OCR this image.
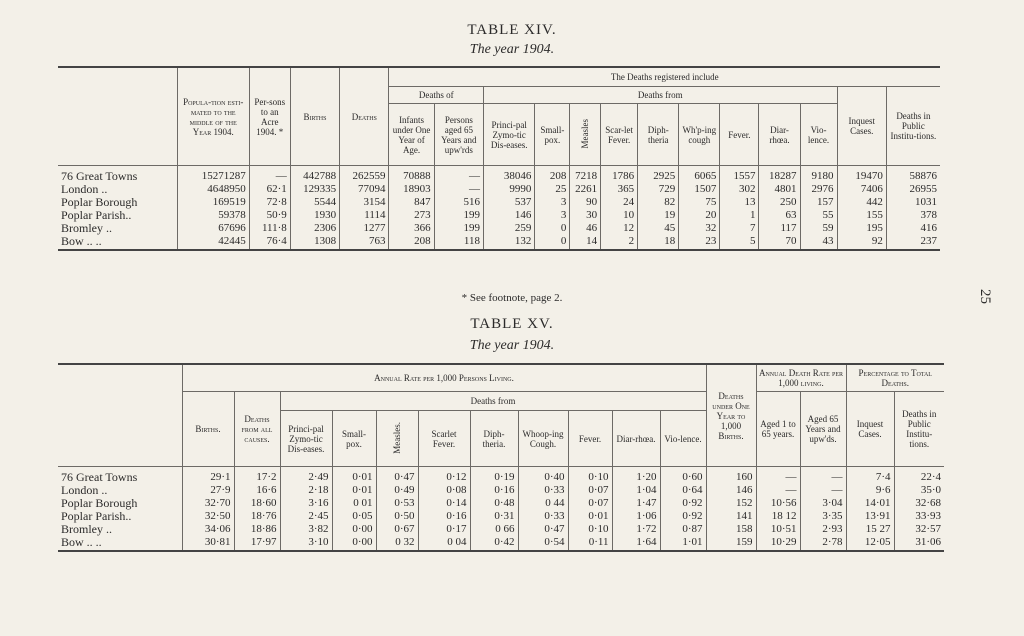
TABLE XIV.
The year 1904.
	Popula-tion esti-mated to the middle of the Year 1904.	Per-sons to an Acre 1904. *	Births	Deaths	The Deaths registered include												
					Deaths of		Deaths from									Inquest Cases.	Deaths in Public Institu-tions.
					Infants under One Year of Age.	Persons aged 65 Years and upw'rds	Princi-pal Zymo-tic Dis-eases.	Small-pox.	Measles	Scar-let Fever.	Diph-theria	Wh'p-ing cough	Fever.	Diar-rhœa.	Vio-lence.		
76 Great Towns	15271287	—	442788	262559	70888	—	38046	208	7218	1786	2925	6065	1557	18287	9180	19470	58876
London ..	4648950	62·1	129335	77094	18903	—	9990	25	2261	365	729	1507	302	4801	2976	7406	26955
Poplar Borough	169519	72·8	5544	3154	847	516	537	3	90	24	82	75	13	250	157	442	1031
Poplar Parish..	59378	50·9	1930	1114	273	199	146	3	30	10	19	20	1	63	55	155	378
Bromley ..	67696	111·8	2306	1277	366	199	259	0	46	12	45	32	7	117	59	195	416
Bow .. ..	42445	76·4	1308	763	208	118	132	0	14	2	18	23	5	70	43	92	237
* See footnote, page 2.	25
TABLE XV.
The year 1904.
	Annual Rate per 1,000 Persons Living.											Deaths under One Year to 1,000 Births.	Annual Death Rate per 1,000 living.		Percentage to Total Deaths.	
	Births.	Deaths from all causes.	Deaths from										Aged 1 to 65 years.	Aged 65 Years and upw'ds.	Inquest Cases.	Deaths in Public Institu-tions.
			Princi-pal Zymo-tic Dis-eases.	Small-pox.	Measles.	Scarlet Fever.	Diph-theria.	Whoop-ing Cough.	Fever.	Diar-rhœa.	Vio-lence.					
76 Great Towns	29·1	17·2	2·49	0·01	0·47	0·12	0·19	0·40	0·10	1·20	0·60	160	—	—	7·4	22·4
London ..	27·9	16·6	2·18	0·01	0·49	0·08	0·16	0·33	0·07	1·04	0·64	146	—	—	9·6	35·0
Poplar Borough	32·70	18·60	3·16	0 01	0·53	0·14	0·48	0 44	0·07	1·47	0·92	152	10·56	3·04	14·01	32·68
Poplar Parish..	32·50	18·76	2·45	0·05	0·50	0·16	0·31	0·33	0·01	1·06	0·92	141	18 12	3·35	13·91	33·93
Bromley ..	34·06	18·86	3·82	0·00	0·67	0·17	0 66	0·47	0·10	1·72	0·87	158	10·51	2·93	15 27	32·57
Bow .. ..	30·81	17·97	3·10	0·00	0 32	0 04	0·42	0·54	0·11	1·64	1·01	159	10·29	2·78	12·05	31·06
